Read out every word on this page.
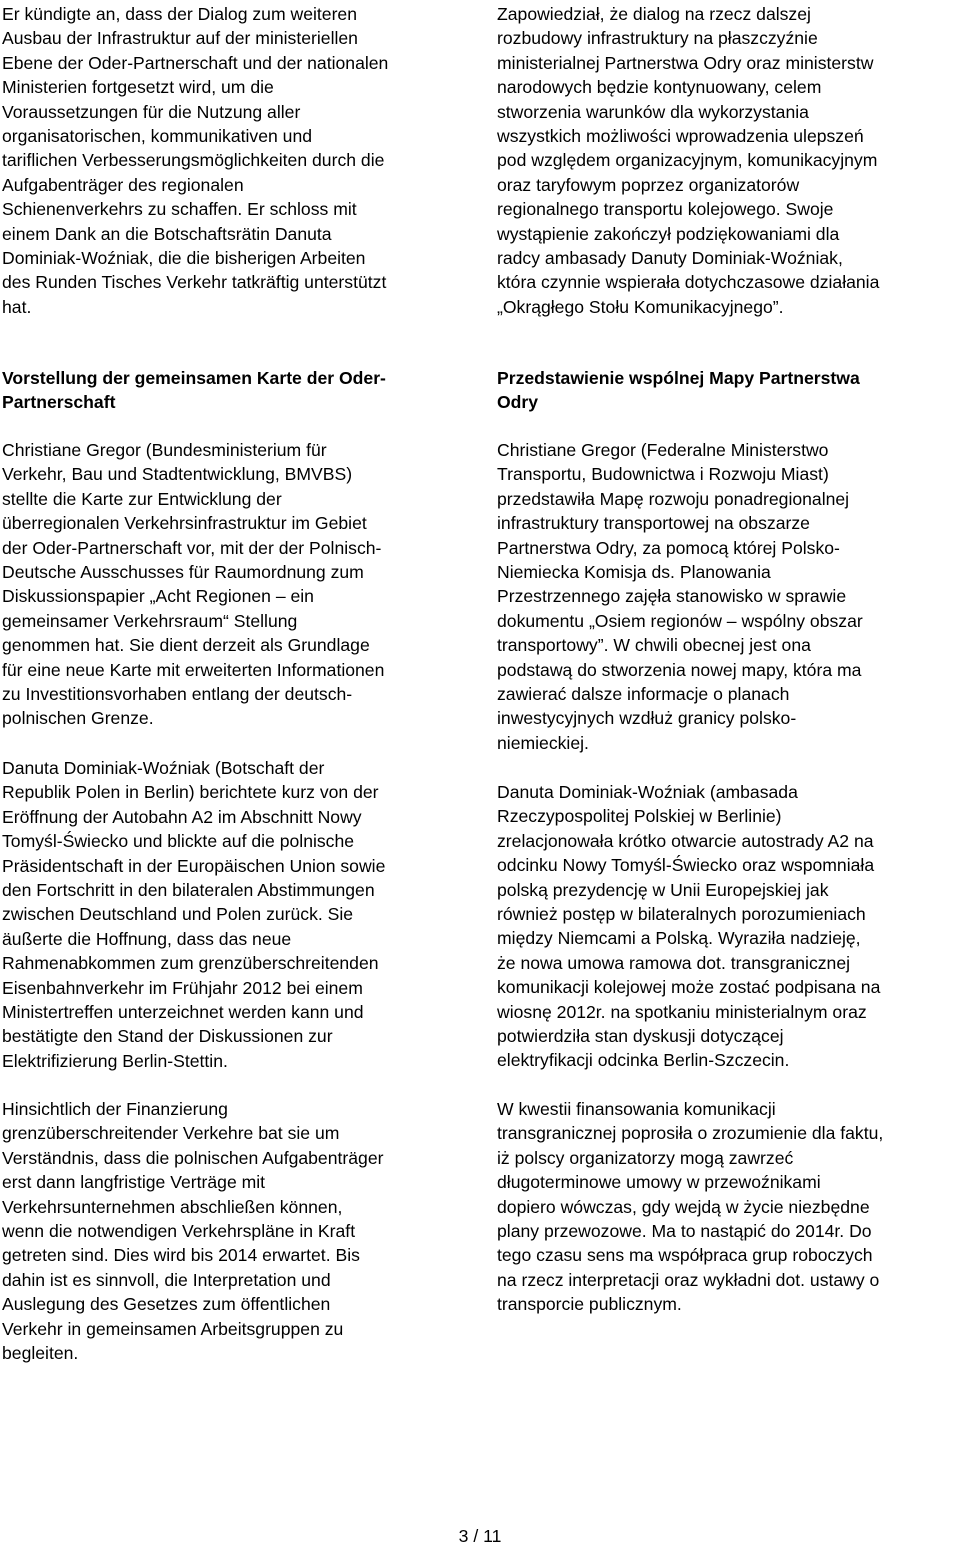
Er kündigte an, dass der Dialog zum weiteren
Ausbau der Infrastruktur auf der ministeriellen
Ebene der Oder-Partnerschaft und der nationalen
Ministerien fortgesetzt wird, um die
Voraussetzungen für die Nutzung aller
organisatorischen, kommunikativen und
tariflichen Verbesserungsmöglichkeiten durch die
Aufgabenträger des regionalen
Schienenverkehrs zu schaffen. Er schloss mit
einem Dank an die Botschaftsrätin Danuta
Dominiak-Woźniak, die die bisherigen Arbeiten
des Runden Tisches Verkehr tatkräftig unterstützt
hat.

Vorstellung der gemeinsamen Karte der Oder-
Partnerschaft

Christiane Gregor (Bundesministerium für
Verkehr, Bau und Stadtentwicklung, BMVBS)
stellte die Karte zur Entwicklung der
überregionalen Verkehrsinfrastruktur im Gebiet
der Oder-Partnerschaft vor, mit der der Polnisch-
Deutsche Ausschusses für Raumordnung zum
Diskussionspapier „Acht Regionen – ein
gemeinsamer Verkehrsraum“ Stellung
genommen hat. Sie dient derzeit als Grundlage
für eine neue Karte mit erweiterten Informationen
zu Investitionsvorhaben entlang der deutsch-
polnischen Grenze.

Danuta Dominiak-Woźniak (Botschaft der
Republik Polen in Berlin) berichtete kurz von der
Eröffnung der Autobahn A2 im Abschnitt Nowy
Tomyśl-Świecko und blickte auf die polnische
Präsidentschaft in der Europäischen Union sowie
den Fortschritt in den bilateralen Abstimmungen
zwischen Deutschland und Polen zurück. Sie
äußerte die Hoffnung, dass das neue
Rahmenabkommen zum grenzüberschreitenden
Eisenbahnverkehr im Frühjahr 2012 bei einem
Ministertreffen unterzeichnet werden kann und
bestätigte den Stand der Diskussionen zur
Elektrifizierung Berlin-Stettin.

Hinsichtlich der Finanzierung
grenzüberschreitender Verkehre bat sie um
Verständnis, dass die polnischen Aufgabenträger
erst dann langfristige Verträge mit
Verkehrsunternehmen abschließen können,
wenn die notwendigen Verkehrspläne in Kraft
getreten sind. Dies wird bis 2014 erwartet. Bis
dahin ist es sinnvoll, die Interpretation und
Auslegung des Gesetzes zum öffentlichen
Verkehr in gemeinsamen Arbeitsgruppen zu
begleiten.

Zapowiedział, że dialog na rzecz dalszej
rozbudowy infrastruktury na płaszczyźnie
ministerialnej Partnerstwa Odry oraz ministerstw
narodowych będzie kontynuowany, celem
stworzenia warunków dla wykorzystania
wszystkich możliwości wprowadzenia ulepszeń
pod względem organizacyjnym, komunikacyjnym
oraz taryfowym poprzez organizatorów
regionalnego transportu kolejowego. Swoje
wystąpienie zakończył podziękowaniami dla
radcy ambasady Danuty Dominiak-Woźniak,
która czynnie wspierała dotychczasowe działania
„Okrągłego Stołu Komunikacyjnego”.

Przedstawienie wspólnej Mapy Partnerstwa
Odry

Christiane Gregor (Federalne Ministerstwo
Transportu, Budownictwa i Rozwoju Miast)
przedstawiła Mapę rozwoju ponadregionalnej
infrastruktury transportowej na obszarze
Partnerstwa Odry, za pomocą której Polsko-
Niemiecka Komisja ds. Planowania
Przestrzennego zajęła stanowisko w sprawie
dokumentu „Osiem regionów – wspólny obszar
transportowy”. W chwili obecnej jest ona
podstawą do stworzenia nowej mapy, która ma
zawierać dalsze informacje o planach
inwestycyjnych wzdłuż granicy polsko-
niemieckiej.

Danuta Dominiak-Woźniak (ambasada
Rzeczypospolitej Polskiej w Berlinie)
zrelacjonowała krótko otwarcie autostrady A2 na
odcinku Nowy Tomyśl-Świecko oraz wspomniała
polską prezydencję w Unii Europejskiej jak
również postęp w bilateralnych porozumieniach
między Niemcami a Polską. Wyraziła nadzieję,
że nowa umowa ramowa dot. transgranicznej
komunikacji kolejowej może zostać podpisana na
wiosnę 2012r. na spotkaniu ministerialnym oraz
potwierdziła stan dyskusji dotyczącej
elektryfikacji odcinka Berlin-Szczecin.

W kwestii finansowania komunikacji
transgranicznej poprosiła o zrozumienie dla faktu,
iż polscy organizatorzy mogą zawrzeć
długoterminowe umowy w przewoźnikami
dopiero wówczas, gdy wejdą w życie niezbędne
plany przewozowe. Ma to nastąpić do 2014r. Do
tego czasu sens ma współpraca grup roboczych
na rzecz interpretacji oraz wykładni dot. ustawy o
transporcie publicznym.

3 / 11
